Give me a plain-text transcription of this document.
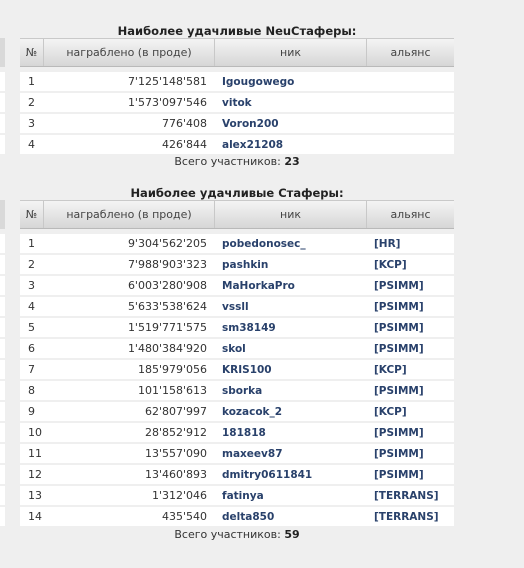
Наиболее удачливые NeuСтаферы:
№	награблено (в проде)	ник	альянс
1	7'125'148'581	Igougowego
2	1'573'097'546	vitok
3	776'408	Voron200
4	426'844	alex21208
Всего участников: 23
Наиболее удачливые Стаферы:
№	награблено (в проде)	ник	альянс
1	9'304'562'205	pobedonosec_	[HR]
2	7'988'903'323	pashkin	[KCP]
3	6'003'280'908	MaHorkaPro	[PSIMM]
4	5'633'538'624	vssll	[PSIMM]
5	1'519'771'575	sm38149	[PSIMM]
6	1'480'384'920	skol	[PSIMM]
7	185'979'056	KRIS100	[KCP]
8	101'158'613	sborka	[PSIMM]
9	62'807'997	kozacok_2	[KCP]
10	28'852'912	181818	[PSIMM]
11	13'557'090	maxeev87	[PSIMM]
12	13'460'893	dmitry0611841	[PSIMM]
13	1'312'046	fatinya	[TERRANS]
14	435'540	delta850	[TERRANS]
Всего участников: 59
